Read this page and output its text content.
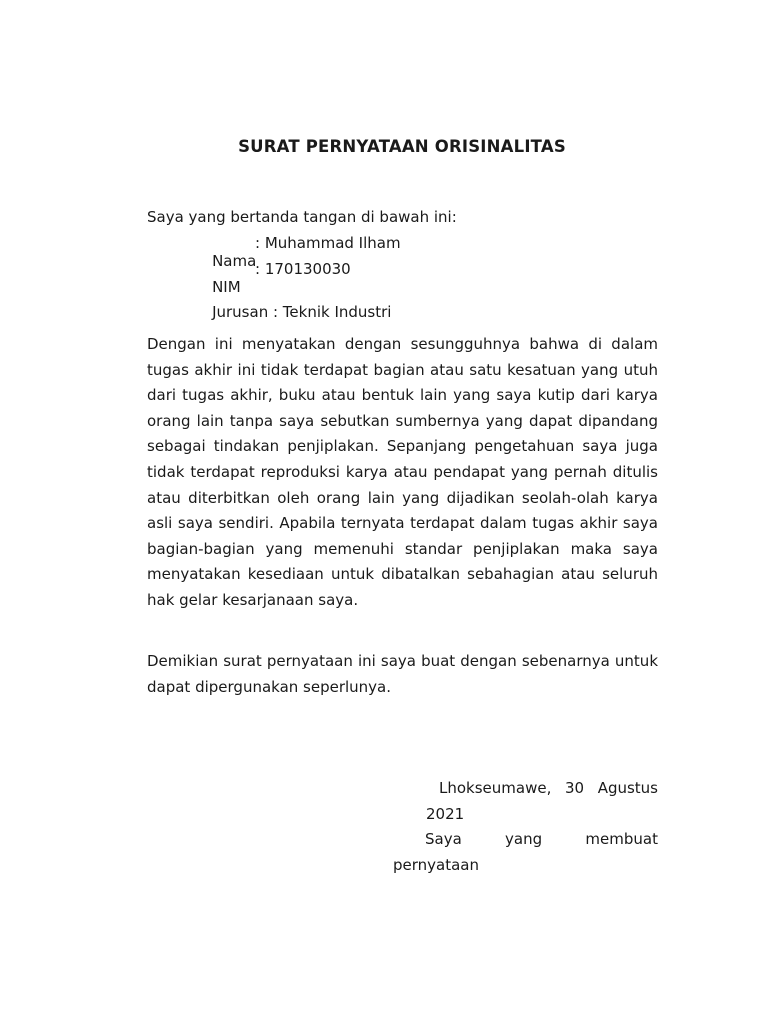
SURAT PERNYATAAN ORISINALITAS
Saya yang bertanda tangan di bawah ini:

Nama

: Muhammad Ilham

NIM

: 170130030

Jurusan : Teknik Industri

Dengan ini menyatakan dengan sesungguhnya bahwa di dalam tugas akhir ini tidak terdapat bagian atau satu kesatuan yang utuh dari tugas akhir, buku atau bentuk lain yang saya kutip dari karya orang lain tanpa saya sebutkan sumbernya yang dapat dipandang sebagai tindakan penjiplakan. Sepanjang pengetahuan saya juga tidak terdapat reproduksi karya atau pendapat yang pernah ditulis atau diterbitkan oleh orang lain yang dijadikan seolah-olah karya asli saya sendiri. Apabila ternyata terdapat dalam tugas akhir saya bagian-bagian yang memenuhi standar penjiplakan maka saya menyatakan kesediaan untuk dibatalkan sebahagian atau seluruh hak gelar kesarjanaan saya.

Demikian surat pernyataan ini saya buat dengan sebenarnya untuk dapat dipergunakan seperlunya.

Lhokseumawe, 30 Agustus
2021
Saya yang membuat
pernyataan
